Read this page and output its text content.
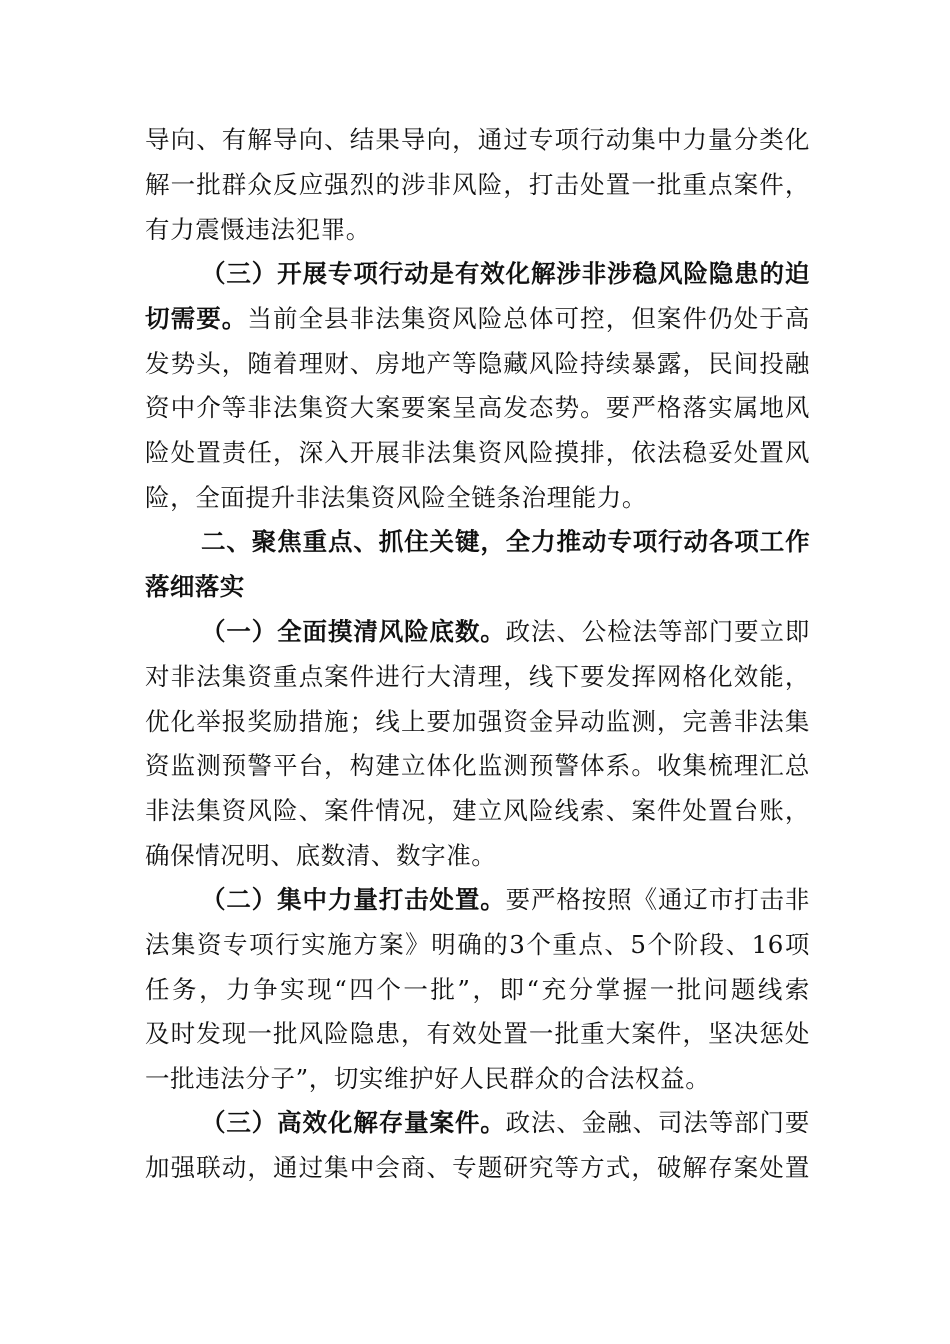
导向、有解导向、结果导向，通过专项行动集中力量分类化
解一批群众反应强烈的涉非风险，打击处置一批重点案件，
有力震慑违法犯罪。
（三）开展专项行动是有效化解涉非涉稳风险隐患的迫
切需要。当前全县非法集资风险总体可控，但案件仍处于高
发势头，随着理财、房地产等隐藏风险持续暴露，民间投融
资中介等非法集资大案要案呈高发态势。要严格落实属地风
险处置责任，深入开展非法集资风险摸排，依法稳妥处置风
险，全面提升非法集资风险全链条治理能力。
二、聚焦重点、抓住关键，全力推动专项行动各项工作
落细落实
（一）全面摸清风险底数。政法、公检法等部门要立即
对非法集资重点案件进行大清理，线下要发挥网格化效能，
优化举报奖励措施；线上要加强资金异动监测，完善非法集
资监测预警平台，构建立体化监测预警体系。收集梳理汇总
非法集资风险、案件情况，建立风险线索、案件处置台账，
确保情况明、底数清、数字准。
（二）集中力量打击处置。要严格按照《通辽市打击非
法集资专项行实施方案》明确的3个重点、5个阶段、16项
任务，力争实现“四个一批”，即“充分掌握一批问题线索
及时发现一批风险隐患，有效处置一批重大案件，坚决惩处
一批违法分子”，切实维护好人民群众的合法权益。
（三）高效化解存量案件。政法、金融、司法等部门要
加强联动，通过集中会商、专题研究等方式，破解存案处置
